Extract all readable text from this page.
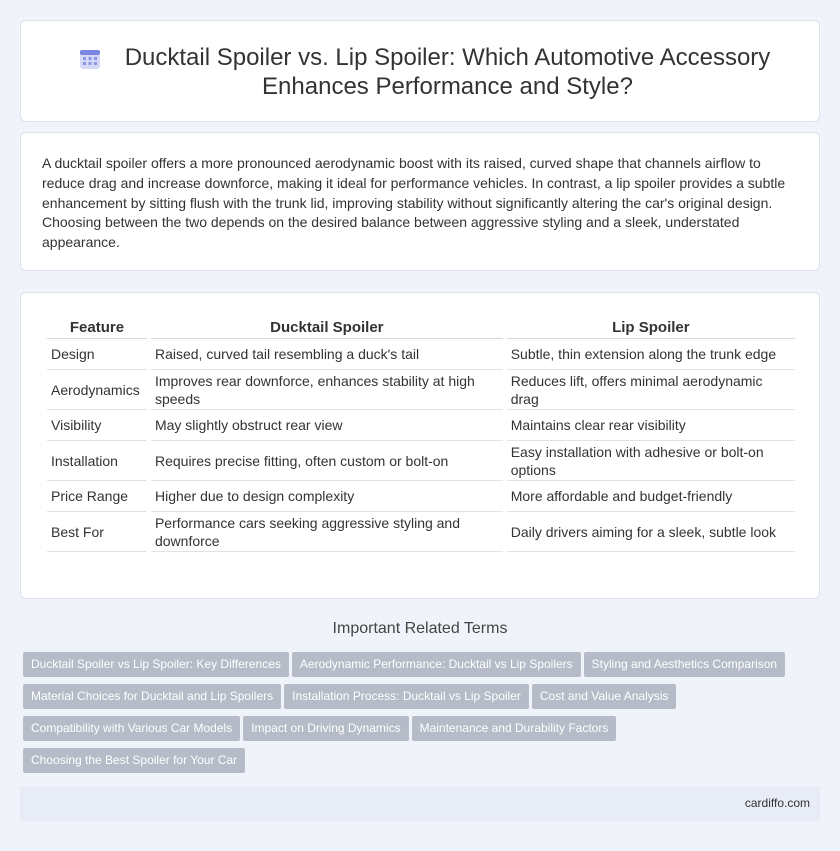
Ducktail Spoiler vs. Lip Spoiler: Which Automotive Accessory Enhances Performance and Style?

A ducktail spoiler offers a more pronounced aerodynamic boost with its raised, curved shape that channels airflow to reduce drag and increase downforce, making it ideal for performance vehicles. In contrast, a lip spoiler provides a subtle enhancement by sitting flush with the trunk lid, improving stability without significantly altering the car's original design. Choosing between the two depends on the desired balance between aggressive styling and a sleek, understated appearance.

Feature	Ducktail Spoiler	Lip Spoiler
Design	Raised, curved tail resembling a duck's tail	Subtle, thin extension along the trunk edge
Aerodynamics	Improves rear downforce, enhances stability at high speeds	Reduces lift, offers minimal aerodynamic drag
Visibility	May slightly obstruct rear view	Maintains clear rear visibility
Installation	Requires precise fitting, often custom or bolt-on	Easy installation with adhesive or bolt-on options
Price Range	Higher due to design complexity	More affordable and budget-friendly
Best For	Performance cars seeking aggressive styling and downforce	Daily drivers aiming for a sleek, subtle look
Important Related Terms
Ducktail Spoiler vs Lip Spoiler: Key Differences Aerodynamic Performance: Ducktail vs Lip Spoilers Styling and Aesthetics ComparisonMaterial Choices for Ducktail and Lip Spoilers Installation Process: Ducktail vs Lip Spoiler Cost and Value AnalysisCompatibility with Various Car Models Impact on Driving Dynamics Maintenance and Durability FactorsChoosing the Best Spoiler for Your Car
cardiffo.com
